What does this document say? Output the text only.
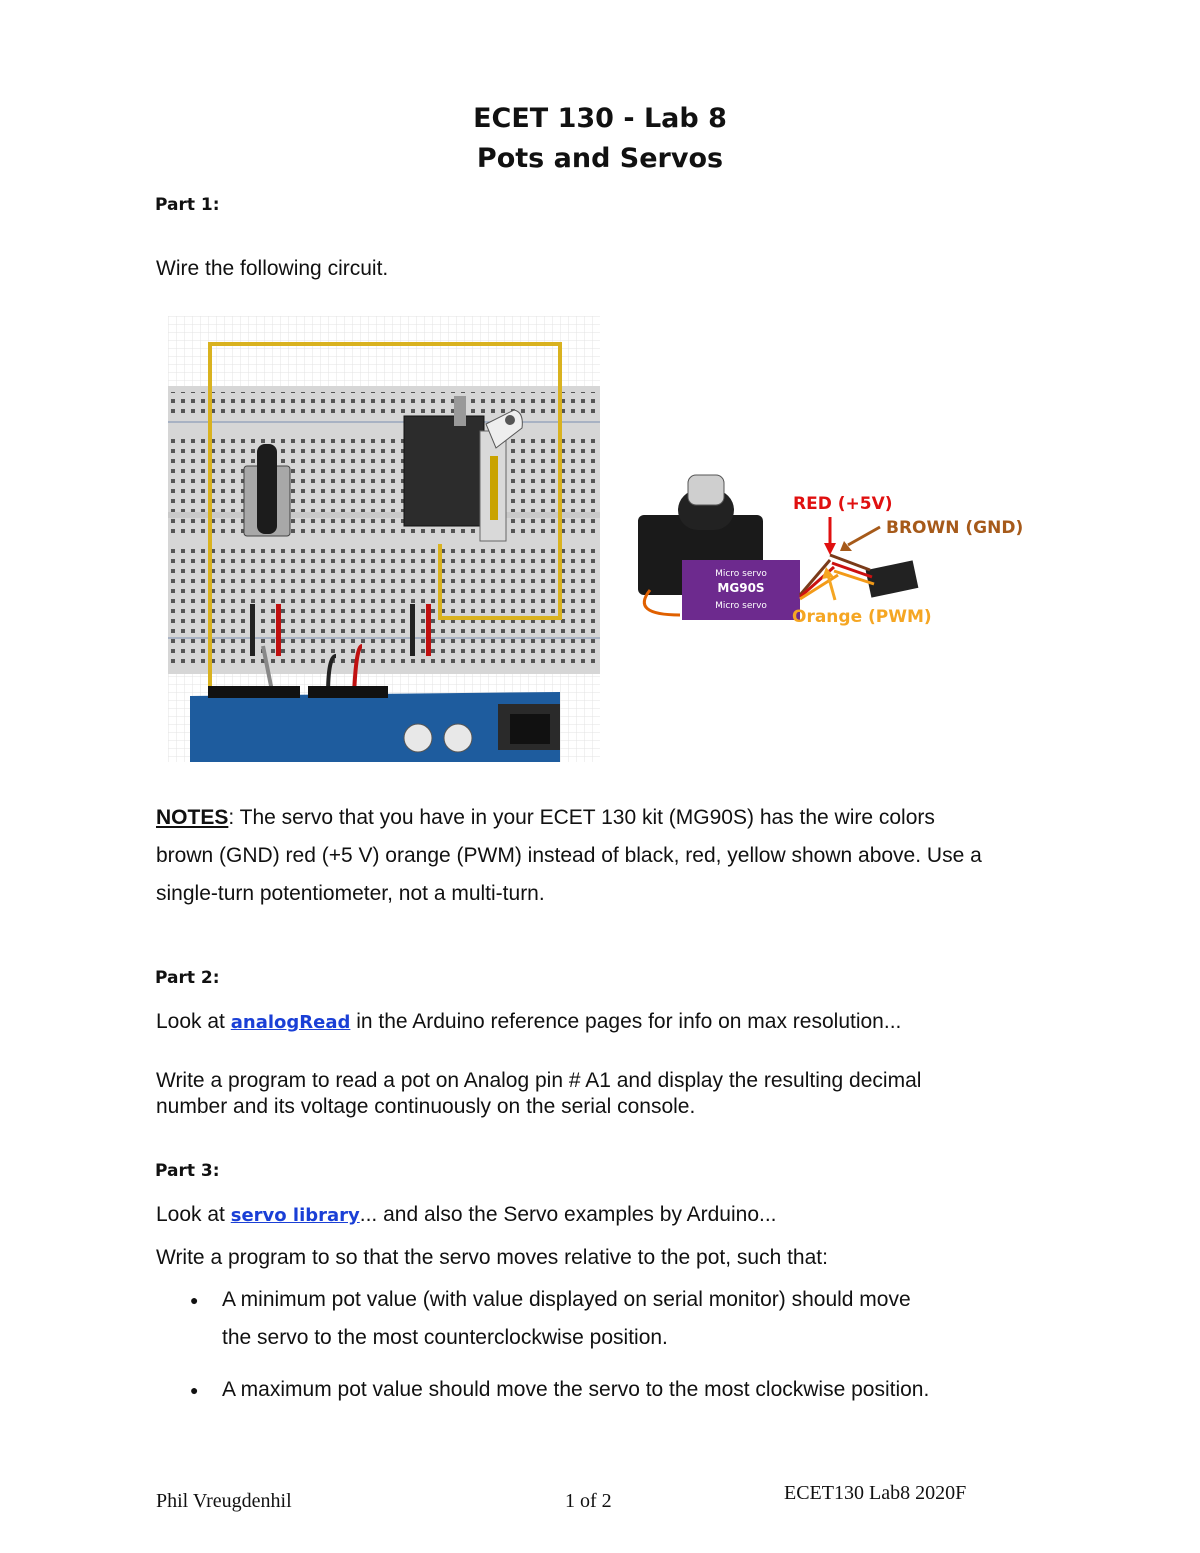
ECET 130 - Lab 8
Pots and Servos
Part 1:
Wire the following circuit.
Micro servo
MG90S
Micro servo
RED (+5V)
BROWN (GND)
Orange (PWM)
NOTES: The servo that you have in your ECET 130 kit (MG90S) has the wire colors
brown (GND) red (+5 V) orange (PWM) instead of black, red, yellow shown above. Use a
single-turn potentiometer, not a multi-turn.
Part 2:
Look at analogRead in the Arduino reference pages for info on max resolution...
Write a program to read a pot on Analog pin # A1 and display the resulting decimal
number and its voltage continuously on the serial console.
Part 3:
Look at servo library... and also the Servo examples by Arduino...
Write a program to so that the servo moves relative to the pot, such that:
● A minimum pot value (with value displayed on serial monitor) should move
the servo to the most counterclockwise position.
● A maximum pot value should move the servo to the most clockwise position.
Phil Vreugdenhil	1 of 2	ECET130 Lab8 2020F
